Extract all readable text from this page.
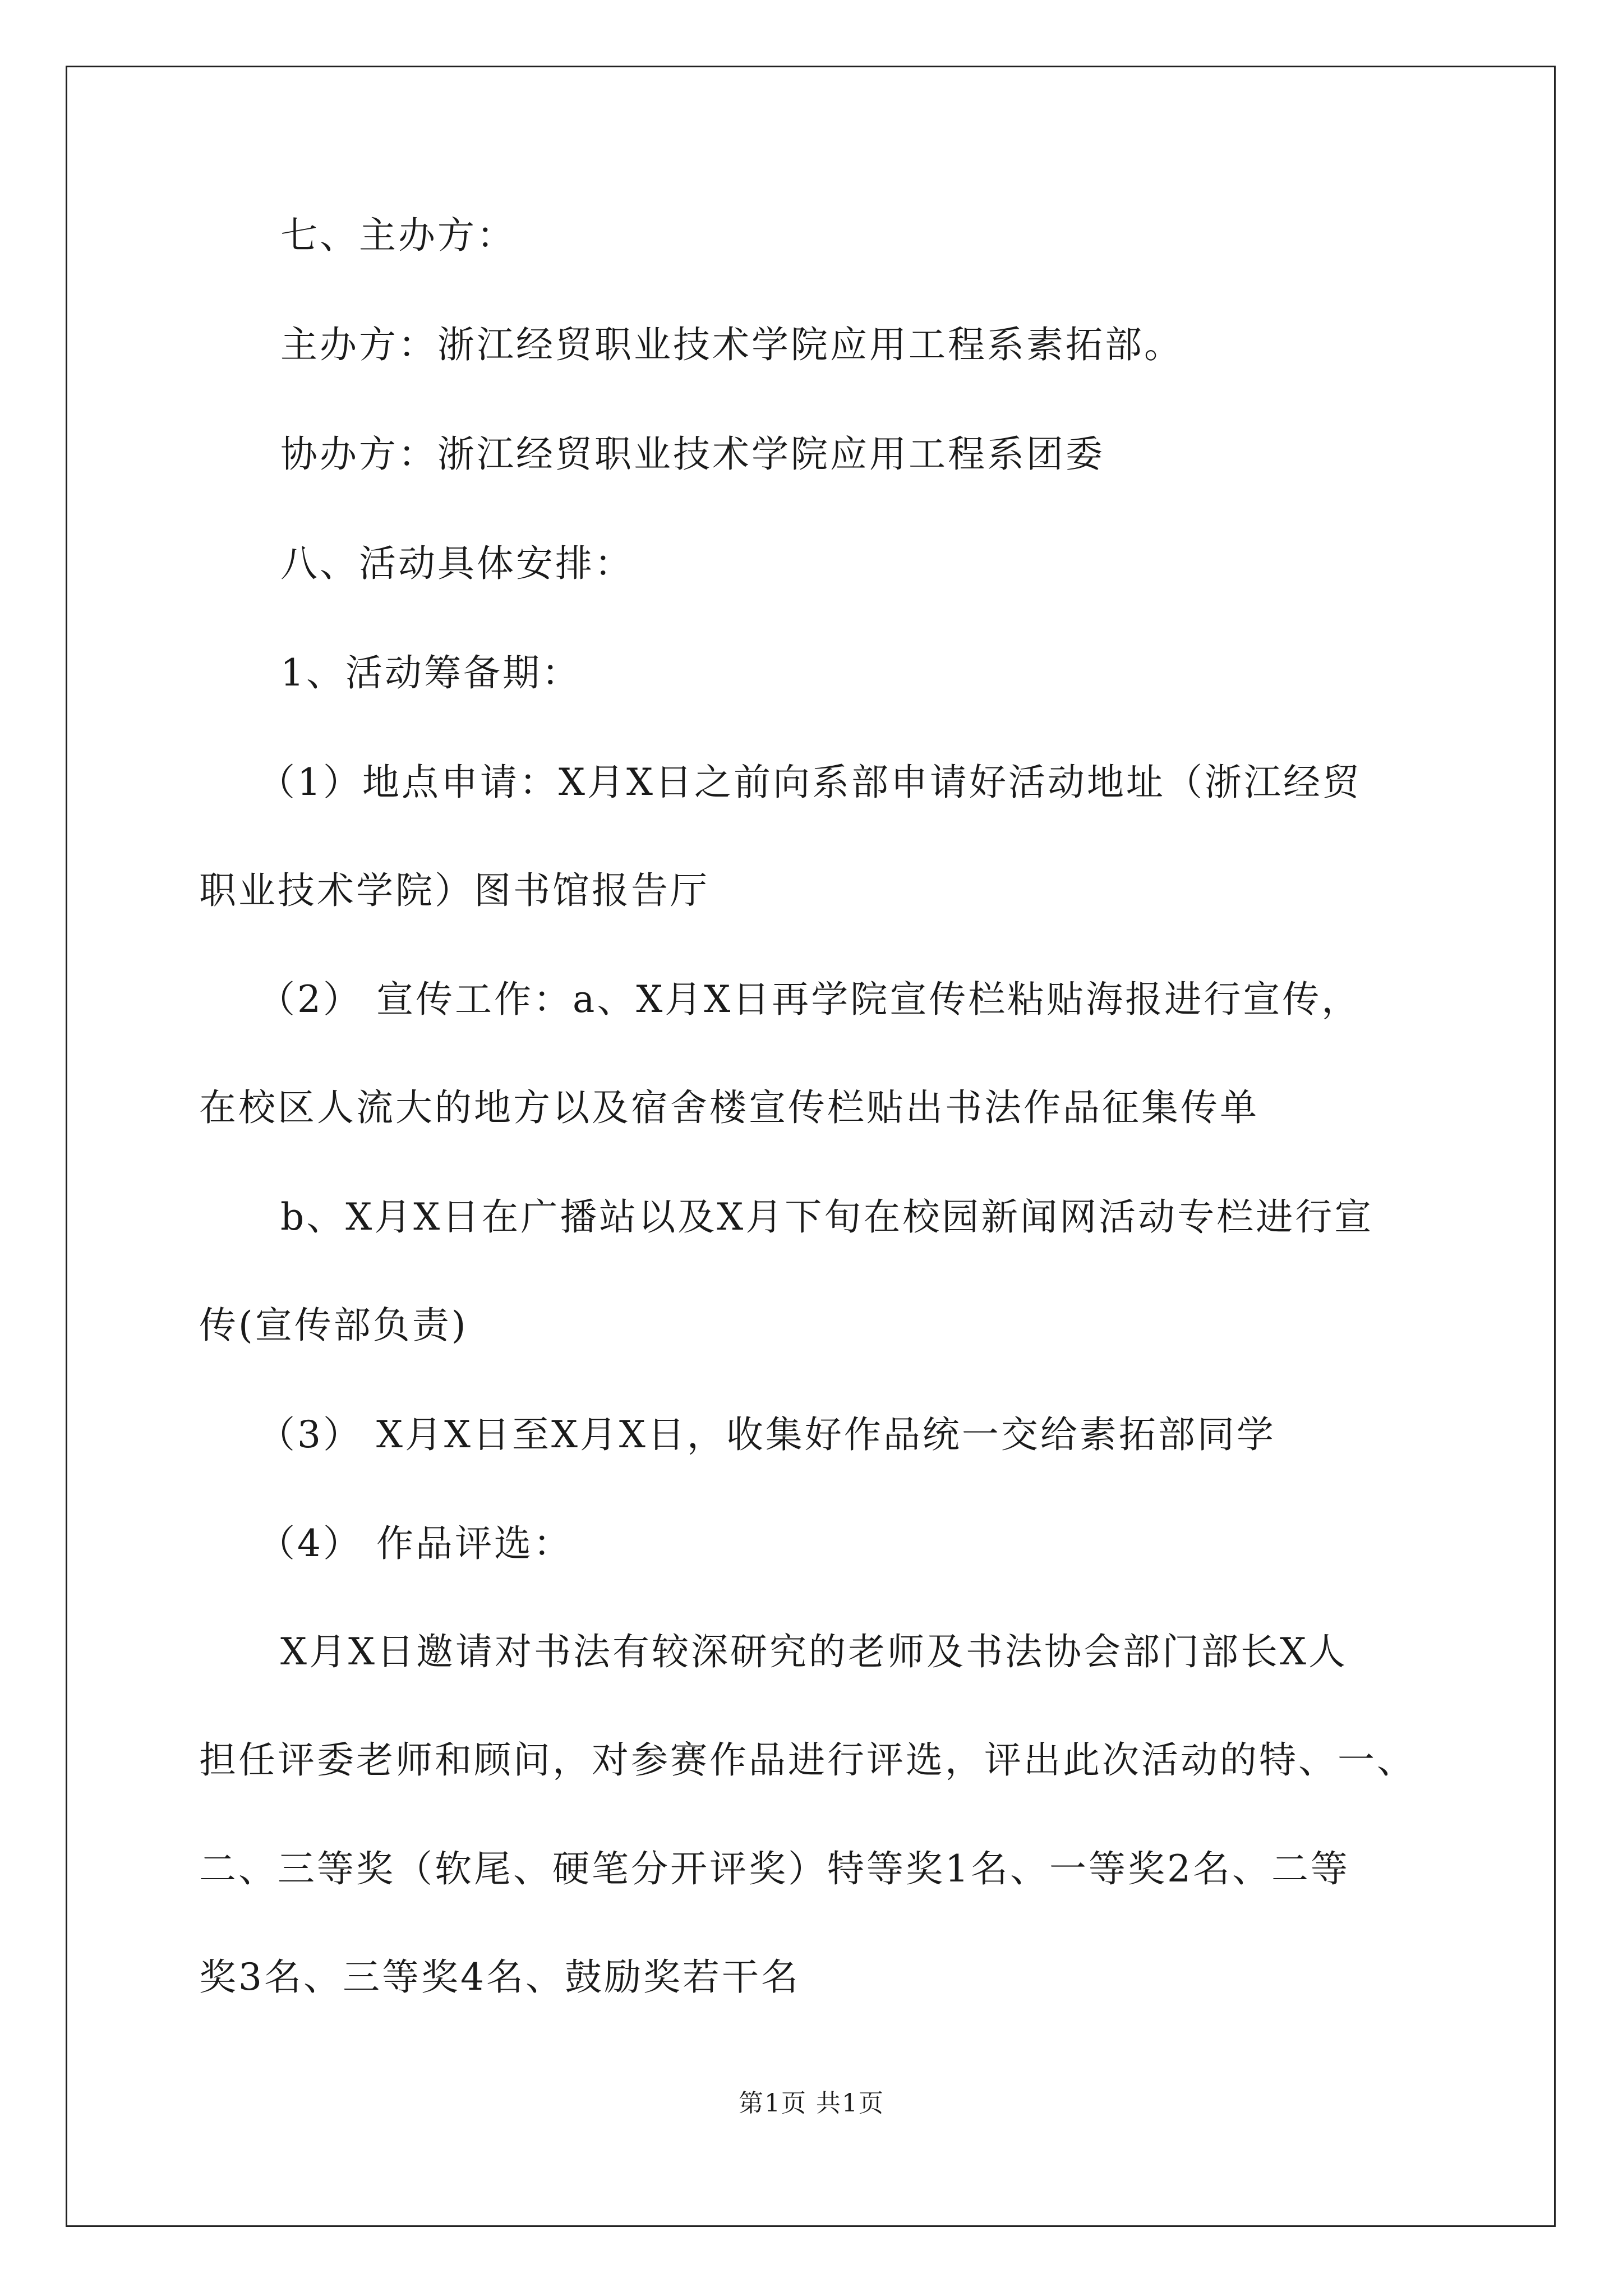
七、主办方：
主办方：浙江经贸职业技术学院应用工程系素拓部。
协办方：浙江经贸职业技术学院应用工程系团委
八、活动具体安排：
1、活动筹备期：
（1）地点申请：X月X日之前向系部申请好活动地址（浙江经贸
职业技术学院）图书馆报告厅
（2） 宣传工作：a、X月X日再学院宣传栏粘贴海报进行宣传，
在校区人流大的地方以及宿舍楼宣传栏贴出书法作品征集传单
b、X月X日在广播站以及X月下旬在校园新闻网活动专栏进行宣
传(宣传部负责)
（3） X月X日至X月X日，收集好作品统一交给素拓部同学
（4） 作品评选：
X月X日邀请对书法有较深研究的老师及书法协会部门部长X人
担任评委老师和顾问，对参赛作品进行评选，评出此次活动的特、一、
二、三等奖（软尾、硬笔分开评奖）特等奖1名、一等奖2名、二等
奖3名、三等奖4名、鼓励奖若干名
第1页 共1页
